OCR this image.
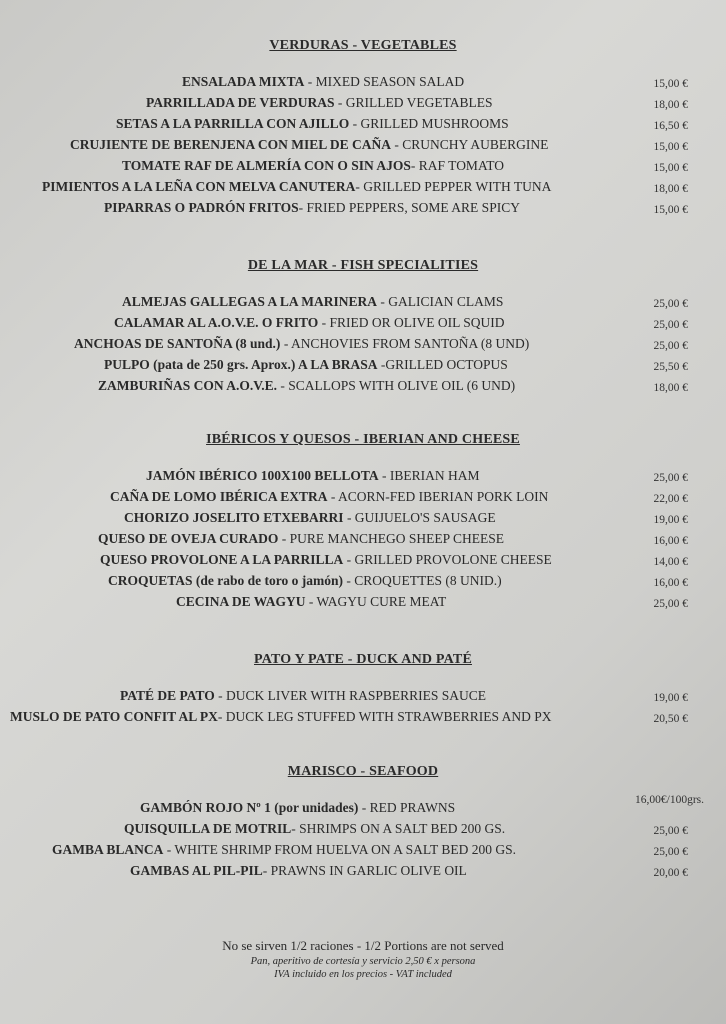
VERDURAS - VEGETABLES
ENSALADA MIXTA - MIXED SEASON SALAD	15,00 €
PARRILLADA DE VERDURAS - GRILLED VEGETABLES	18,00 €
SETAS A LA PARRILLA CON AJILLO - GRILLED MUSHROOMS	16,50 €
CRUJIENTE DE BERENJENA CON MIEL DE CAÑA - CRUNCHY AUBERGINE	15,00 €
TOMATE RAF DE ALMERÍA CON O SIN AJOS- RAF TOMATO	15,00 €
PIMIENTOS A LA LEÑA CON MELVA CANUTERA- GRILLED PEPPER WITH TUNA	18,00 €
PIPARRAS O PADRÓN FRITOS- FRIED PEPPERS, SOME ARE SPICY	15,00 €
DE LA MAR - FISH SPECIALITIES
ALMEJAS GALLEGAS A LA MARINERA - GALICIAN CLAMS	25,00 €
CALAMAR AL A.O.V.E. O FRITO - FRIED OR OLIVE OIL SQUID	25,00 €
ANCHOAS DE SANTOÑA (8 und.) - ANCHOVIES FROM SANTOÑA (8 UND)	25,00 €
PULPO (pata de 250 grs. Aprox.) A LA BRASA -GRILLED OCTOPUS	25,50 €
ZAMBURIÑAS CON A.O.V.E. - SCALLOPS WITH OLIVE OIL (6 UND)	18,00 €
IBÉRICOS Y QUESOS - IBERIAN AND CHEESE
JAMÓN IBÉRICO 100X100 BELLOTA - IBERIAN HAM	25,00 €
CAÑA DE LOMO IBÉRICA EXTRA - ACORN-FED IBERIAN PORK LOIN	22,00 €
CHORIZO JOSELITO ETXEBARRI - GUIJUELO'S SAUSAGE	19,00 €
QUESO DE OVEJA CURADO - PURE MANCHEGO SHEEP CHEESE	16,00 €
QUESO PROVOLONE A LA PARRILLA - GRILLED PROVOLONE CHEESE	14,00 €
CROQUETAS (de rabo de toro o jamón) - CROQUETTES (8 UNID.)	16,00 €
CECINA DE WAGYU - WAGYU CURE MEAT	25,00 €
PATO Y PATE - DUCK AND PATÉ
PATÉ DE PATO - DUCK LIVER WITH RASPBERRIES SAUCE	19,00 €
MUSLO DE PATO CONFIT AL PX- DUCK LEG STUFFED WITH STRAWBERRIES AND PX	20,50 €
MARISCO - SEAFOOD
GAMBÓN ROJO Nº 1 (por unidades) - RED PRAWNS	16,00€/100grs.
QUISQUILLA DE MOTRIL- SHRIMPS ON A SALT BED 200 GS.	25,00 €
GAMBA BLANCA - WHITE SHRIMP FROM HUELVA ON A SALT BED 200 GS.	25,00 €
GAMBAS AL PIL-PIL- PRAWNS IN GARLIC OLIVE OIL	20,00 €
No se sirven 1/2 raciones - 1/2 Portions are not served
Pan, aperitivo de cortesía y servicio 2,50 € x persona
IVA incluido en los precios - VAT included
